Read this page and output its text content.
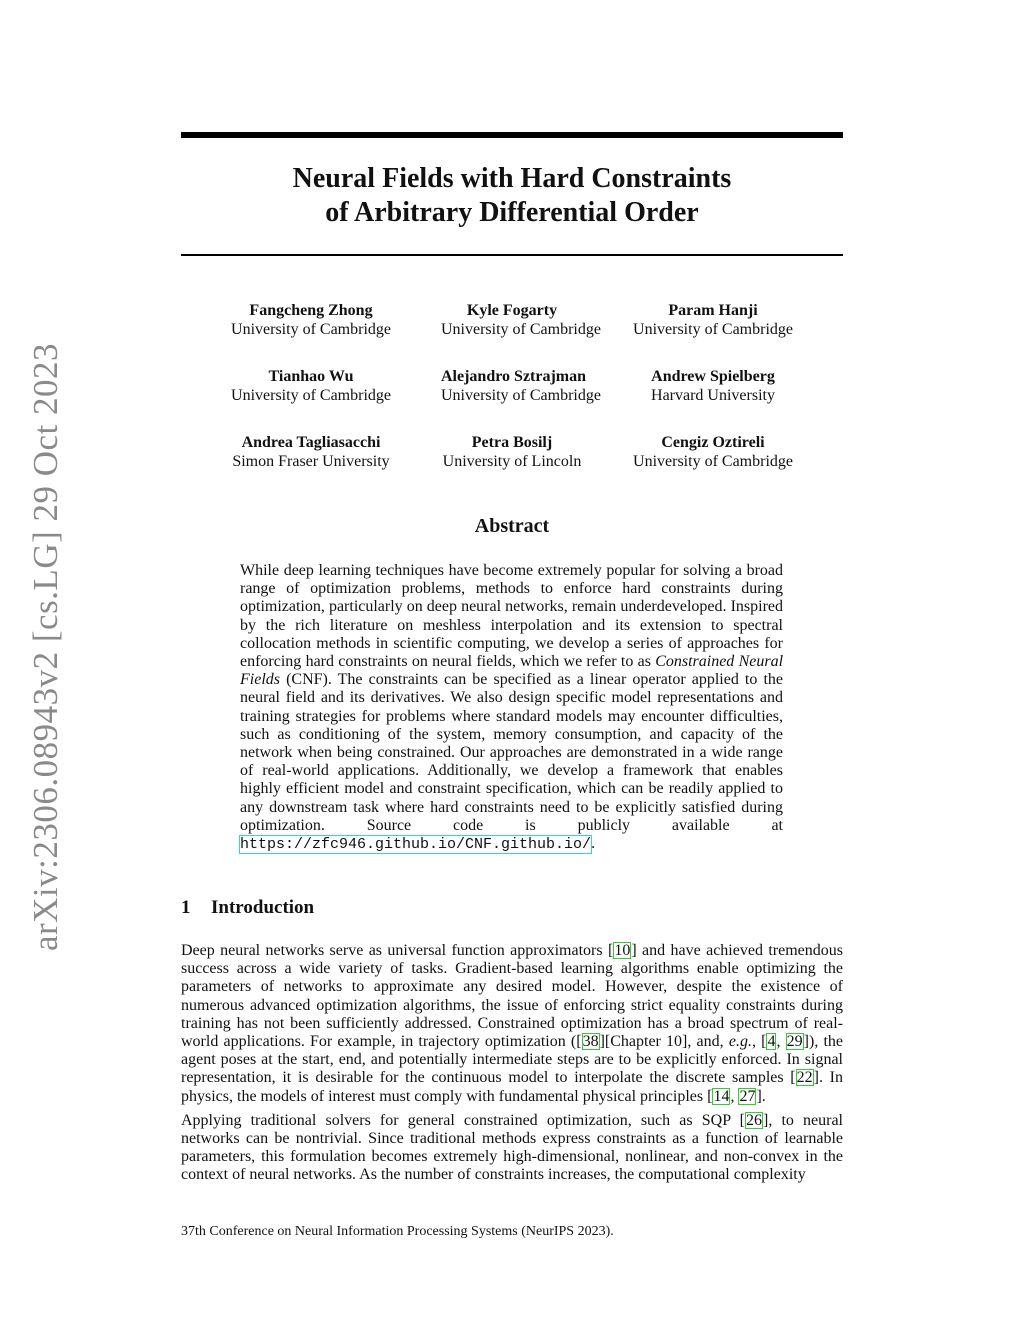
arXiv:2306.08943v2 [cs.LG] 29 Oct 2023
Neural Fields with Hard Constraints
of Arbitrary Differential Order
Fangcheng Zhong
University of Cambridge
Kyle Fogarty
University of Cambridge
Param Hanji
University of Cambridge
Tianhao Wu
University of Cambridge
Alejandro Sztrajman
University of Cambridge
Andrew Spielberg
Harvard University
Andrea Tagliasacchi
Simon Fraser University
Petra Bosilj
University of Lincoln
Cengiz Oztireli
University of Cambridge
Abstract

While deep learning techniques have become extremely popular for solving a broad range of optimization problems, methods to enforce hard constraints during optimization, particularly on deep neural networks, remain underdeveloped. Inspired by the rich literature on meshless interpolation and its extension to spectral collocation methods in scientific computing, we develop a series of approaches for enforcing hard constraints on neural fields, which we refer to as Constrained Neural Fields (CNF). The constraints can be specified as a linear operator applied to the neural field and its derivatives. We also design specific model representations and training strategies for problems where standard models may encounter difficulties, such as conditioning of the system, memory consumption, and capacity of the network when being constrained. Our approaches are demonstrated in a wide range of real-world applications. Additionally, we develop a framework that enables highly efficient model and constraint specification, which can be readily applied to any downstream task where hard constraints need to be explicitly satisfied during optimization. Source code is publicly available at https://zfc946.github.io/CNF.github.io/.

1 Introduction

Deep neural networks serve as universal function approximators [10] and have achieved tremendous success across a wide variety of tasks. Gradient-based learning algorithms enable optimizing the parameters of networks to approximate any desired model. However, despite the existence of numerous advanced optimization algorithms, the issue of enforcing strict equality constraints during training has not been sufficiently addressed. Constrained optimization has a broad spectrum of real-world applications. For example, in trajectory optimization ([38][Chapter 10], and, e.g., [4, 29]), the agent poses at the start, end, and potentially intermediate steps are to be explicitly enforced. In signal representation, it is desirable for the continuous model to interpolate the discrete samples [22]. In physics, the models of interest must comply with fundamental physical principles [14, 27].

Applying traditional solvers for general constrained optimization, such as SQP [26], to neural networks can be nontrivial. Since traditional methods express constraints as a function of learnable parameters, this formulation becomes extremely high-dimensional, nonlinear, and non-convex in the context of neural networks. As the number of constraints increases, the computational complexity

37th Conference on Neural Information Processing Systems (NeurIPS 2023).
